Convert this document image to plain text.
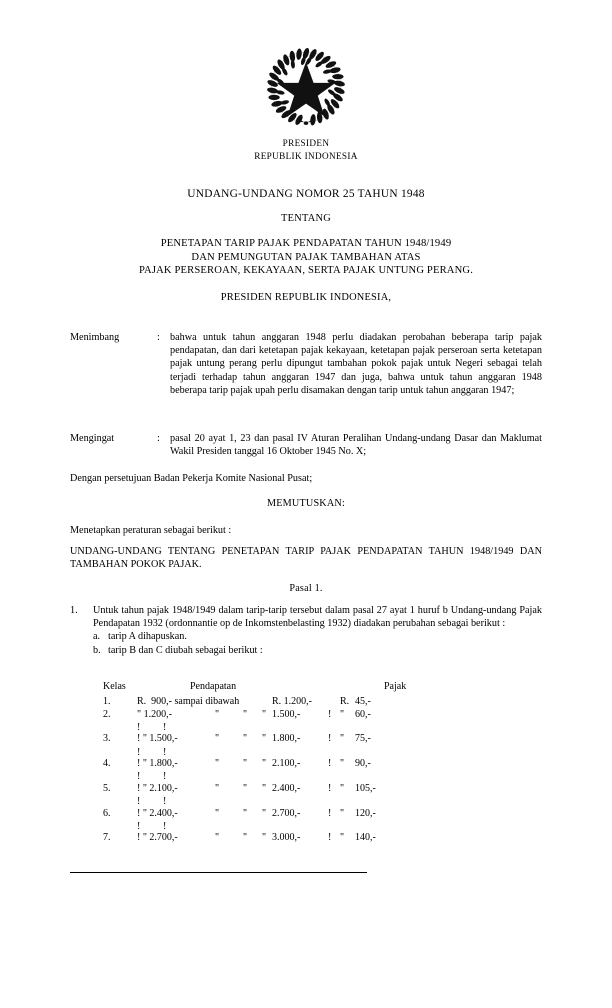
PRESIDEN
REPUBLIK INDONESIA
UNDANG-UNDANG NOMOR 25 TAHUN 1948
TENTANG
PENETAPAN TARIP PAJAK PENDAPATAN TAHUN 1948/1949
DAN PEMUNGUTAN PAJAK TAMBAHAN ATAS
PAJAK PERSEROAN, KEKAYAAN, SERTA PAJAK UNTUNG PERANG.
PRESIDEN REPUBLIK INDONESIA,
Menimbang	: bahwa untuk tahun anggaran 1948 perlu diadakan perobahan beberapa tarip pajak pendapatan, dan dari ketetapan pajak kekayaan, ketetapan pajak perseroan serta ketetapan pajak untung perang perlu dipungut tambahan pokok pajak untuk Negeri sebagai telah terjadi terhadap tahun anggaran 1947 dan juga, bahwa untuk tahun anggaran 1948 beberapa tarip pajak upah perlu disamakan dengan tarip untuk tahun anggaran 1947;
Mengingat	: pasal 20 ayat 1, 23 dan pasal IV Aturan Peralihan Undang-undang Dasar dan Maklumat Wakil Presiden tanggal 16 Oktober 1945 No. X;
Dengan persetujuan Badan Pekerja Komite Nasional Pusat;
MEMUTUSKAN:
Menetapkan peraturan sebagai berikut :
UNDANG-UNDANG TENTANG PENETAPAN TARIP PAJAK PENDAPATAN TAHUN 1948/1949 DAN TAMBAHAN POKOK PAJAK.
Pasal 1.
1.	Untuk tahun pajak 1948/1949 dalam tarip-tarip tersebut dalam pasal 27 ayat 1 huruf b Undang-undang Pajak Pendapatan 1932 (ordonnantie op de Inkomstenbelasting 1932) diadakan perubahan sebagai berikut :
a. tarip A dihapuskan.
b. tarip B dan C diubah sebagai berikut :
Kelas	Pendapatan	Pajak
1.	R.  900,- sampai dibawah	R. 1.200,-	R. 45,-
2.	" 1.200,-	" " " 1.500,-	! " 60,-
! !
3.	! " 1.500,-	" " " 1.800,-	! " 75,-
! !
4.	! " 1.800,-	" " " 2.100,-	! " 90,-
! !
5.	! " 2.100,-	" " " 2.400,-	! " 105,-
! !
6.	! " 2.400,-	" " " 2.700,-	! " 120,-
! !
7.	! " 2.700,-	" " " 3.000,-	! " 140,-
